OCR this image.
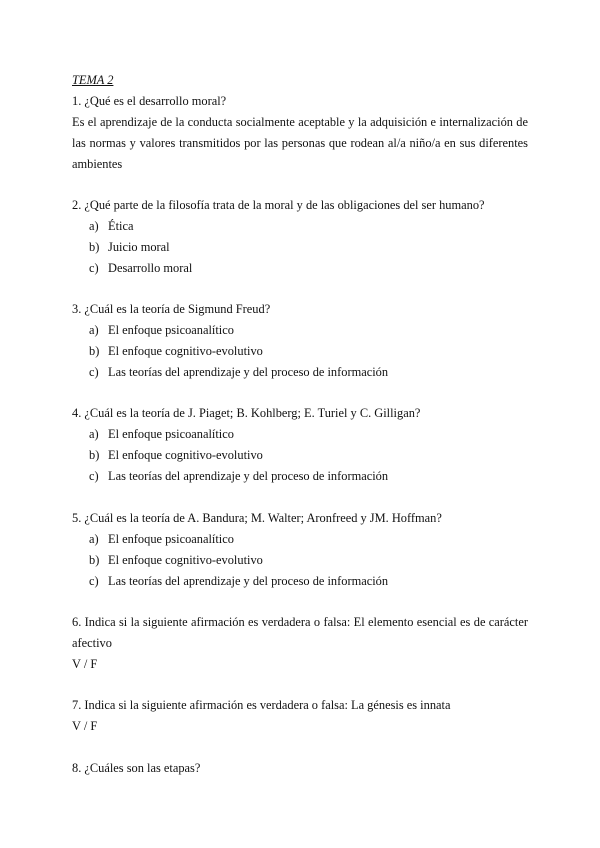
TEMA 2
1. ¿Qué es el desarrollo moral?
Es el aprendizaje de la conducta socialmente aceptable y la adquisición e internalización de
las normas y valores transmitidos por las personas que rodean al/a niño/a en sus diferentes
ambientes
2. ¿Qué parte de la filosofía trata de la moral y de las obligaciones del ser humano?
a) Ética
b) Juicio moral
c) Desarrollo moral
3. ¿Cuál es la teoría de Sigmund Freud?
a) El enfoque psicoanalítico
b) El enfoque cognitivo-evolutivo
c) Las teorías del aprendizaje y del proceso de información
4. ¿Cuál es la teoría de J. Piaget; B. Kohlberg; E. Turiel y C. Gilligan?
a) El enfoque psicoanalítico
b) El enfoque cognitivo-evolutivo
c) Las teorías del aprendizaje y del proceso de información
5. ¿Cuál es la teoría de A. Bandura; M. Walter; Aronfreed y JM. Hoffman?
a) El enfoque psicoanalítico
b) El enfoque cognitivo-evolutivo
c) Las teorías del aprendizaje y del proceso de información
6. Indica si la siguiente afirmación es verdadera o falsa: El elemento esencial es de carácter
afectivo
V / F
7. Indica si la siguiente afirmación es verdadera o falsa: La génesis es innata
V / F
8. ¿Cuáles son las etapas?
